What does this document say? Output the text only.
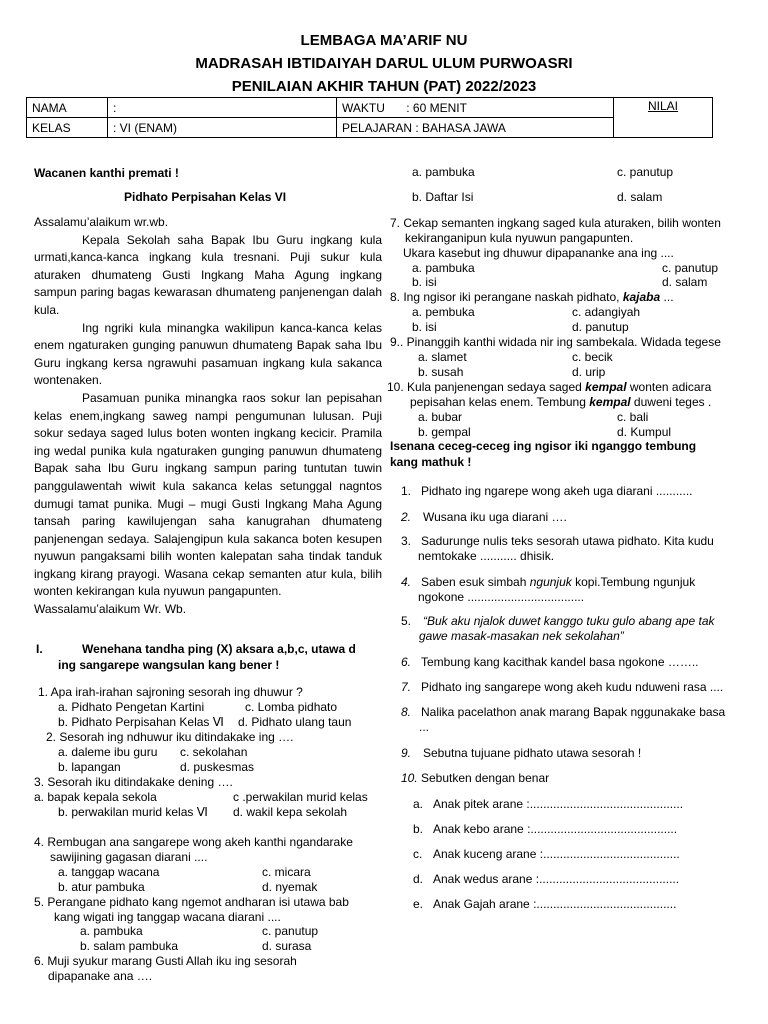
LEMBAGA MA’ARIF NU
MADRASAH IBTIDAIYAH DARUL ULUM PURWOASRI
PENILAIAN AKHIR TAHUN (PAT) 2022/2023
NAMA	:	WAKTU : 60 MENIT	NILAI
KELAS	: VI (ENAM)	PELAJARAN : BAHASA JAWA	
Wacanen kanthi premati !
Pidhato Perpisahan Kelas VI

Assalamu’alaikum wr.wb.

Kepala Sekolah saha Bapak Ibu Guru ingkang kula urmati,kanca-kanca ingkang kula tresnani. Puji sukur kula aturaken dhumateng Gusti Ingkang Maha Agung ingkang sampun paring bagas kewarasan dhumateng panjenengan dalah kula.

Ing ngriki kula minangka wakilipun kanca-kanca kelas enem ngaturaken gunging panuwun dhumateng Bapak saha Ibu Guru ingkang kersa ngrawuhi pasamuan ingkang kula sakanca wontenaken.

Pasamuan punika minangka raos sokur lan pepisahan kelas enem,ingkang saweg nampi pengumunan lulusan. Puji sokur sedaya saged lulus boten wonten ingkang kecicir. Pramila ing wedal punika kula ngaturaken gunging panuwun dhumateng Bapak saha Ibu Guru ingkang sampun paring tuntutan tuwin panggulawentah wiwit kula sakanca kelas setunggal nagntos dumugi tamat punika. Mugi – mugi Gusti Ingkang Maha Agung tansah paring kawilujengan saha kanugrahan dhumateng panjenengan sedaya. Salajengipun kula sakanca boten kesupen nyuwun pangaksami bilih wonten kalepatan saha tindak tanduk ingkang kirang prayogi. Wasana cekap semanten atur kula, bilih wonten kekirangan kula nyuwun pangapunten.

Wassalamu’alaikum Wr. Wb.

I.	Wenehana tandha ping (X) aksara a,b,c, utawa d
ing sangarepe wangsulan kang bener !
1. Apa irah-irahan sajroning sesorah ing dhuwur ?
a. Pidhato Pengetan Kartini	c. Lomba pidhato
b. Pidhato Perpisahan Kelas Ⅵ d. Pidhato ulang taun
2. Sesorah ing ndhuwur iku ditindakake ing ….
a. daleme ibu guru c. sekolahan
b. lapangan	d. puskesmas
3. Sesorah iku ditindakake dening ….
a. bapak kepala sekola	c .perwakilan murid kelas
b. perwakilan murid kelas Ⅵ d. wakil kepa sekolah
4. Rembugan ana sangarepe wong akeh kanthi ngandarake
sawijining gagasan diarani ....
a. tanggap wacana	c. micara
b. atur pambuka	d. nyemak
5. Perangane pidhato kang ngemot andharan isi utawa bab
kang wigati ing tanggap wacana diarani ....
a. pambuka	c. panutup
b. salam pambuka	d. surasa
6. Muji syukur marang Gusti Allah iku ing sesorah
dipapanake ana ….
a. pambuka	c. panutup
b. Daftar Isi	d. salam
7. Cekap semanten ingkang saged kula aturaken, bilih wonten
kekiranganipun kula nyuwun pangapunten.
Ukara kasebut ing dhuwur dipapananke ana ing ....
a. pambuka	c. panutup
b. isi	d. salam
8. Ing ngisor iki perangane naskah pidhato, kajaba ...
a. pembuka	c. adangiyah
b. isi	d. panutup
9.. Pinanggih kanthi widada nir ing sambekala. Widada tegese
a. slamet	c. becik
b. susah	d. urip
10. Kula panjenengan sedaya saged kempal wonten adicara
pepisahan kelas enem. Tembung kempal duweni teges .
a. bubar	c. bali
b. gempal	d. Kumpul
Isenana ceceg-ceceg ing ngisor iki nganggo tembung
kang mathuk !
1. Pidhato ing ngarepe wong akeh uga diarani ...........
2. Wusana iku uga diarani ….
3. Sadurunge nulis teks sesorah utawa pidhato. Kita kudu
nemtokake ........... dhisik.
4. Saben esuk simbah ngunjuk kopi.Tembung ngunjuk
ngokone ...................................
5. “Buk aku njalok duwet kanggo tuku gulo abang ape tak
gawe masak-masakan nek sekolahan”
6. Tembung kang kacithak kandel basa ngokone ……..
7. Pidhato ing sangarepe wong akeh kudu nduweni rasa ....
8. Nalika pacelathon anak marang Bapak nggunakake basa
...
9. Sebutna tujuane pidhato utawa sesorah !
10. Sebutken dengan benar
a. Anak pitek arane :..............................................
b. Anak kebo arane :............................................
c. Anak kuceng arane :.........................................
d. Anak wedus arane :..........................................
e. Anak Gajah arane :..........................................
